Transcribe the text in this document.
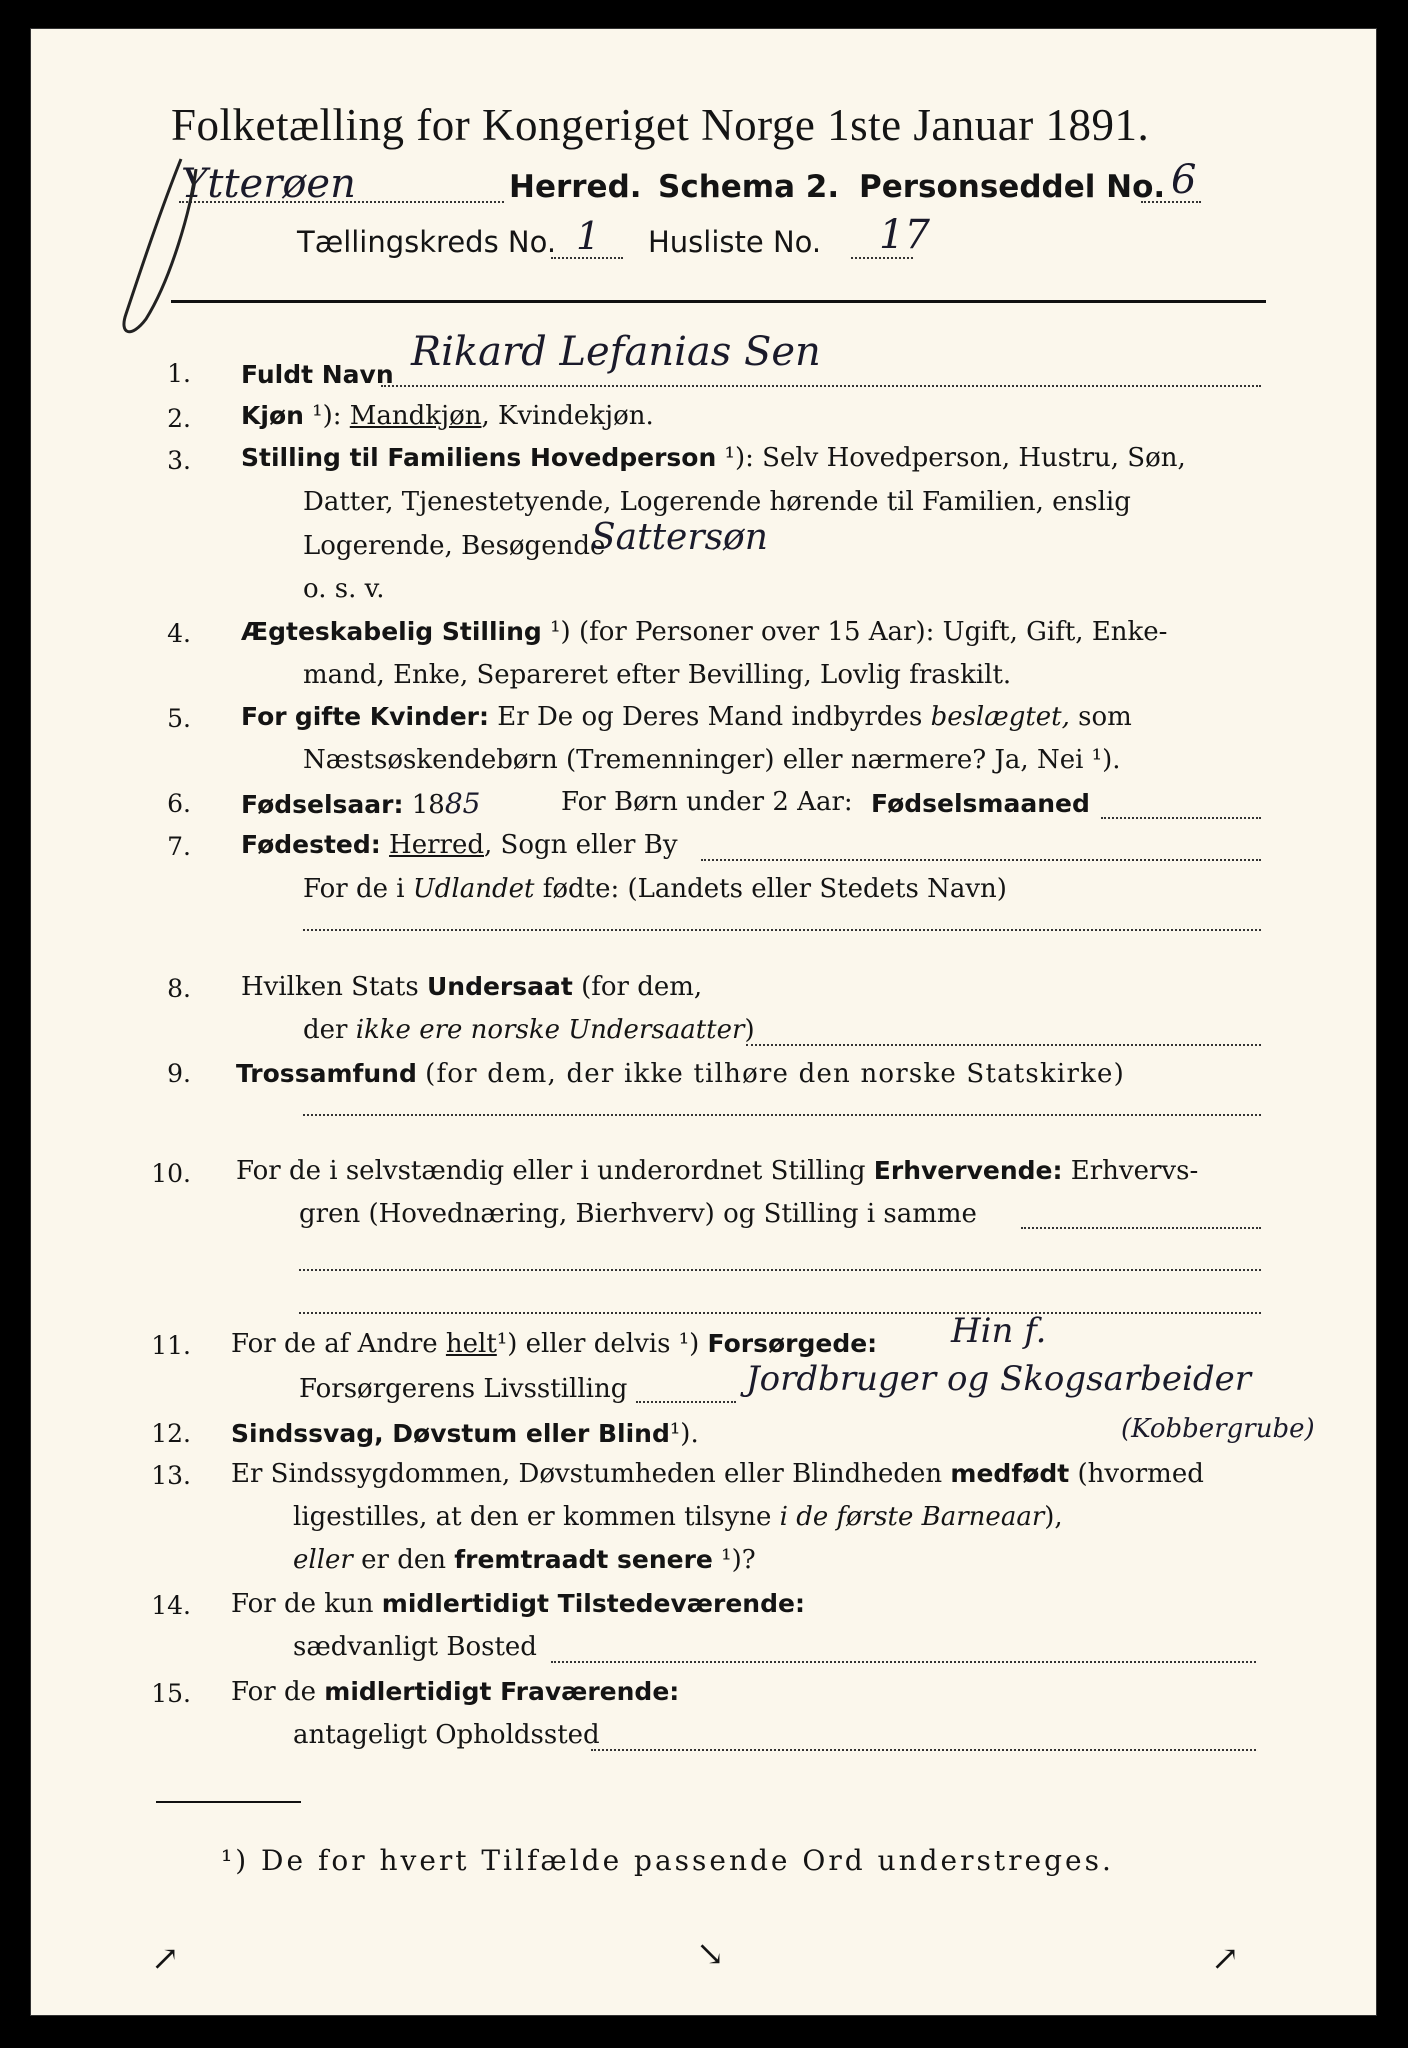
Folketælling for Kongeriget Norge 1ste Januar 1891.
Ytterøen	Herred. Schema 2. Personseddel No. 6
Tællingskreds No. 1 Husliste No. 17
1. Fuldt Navn Rikard Lefanias Sen
2. Kjøn ¹): Mandkjøn, Kvindekjøn.
3. Stilling til Familiens Hovedperson ¹): Selv Hovedperson, Hustru, Søn,
Datter, Tjenestetyende, Logerende hørende til Familien, enslig
Logerende, Besøgende
Sattersøn
o. s. v.
4. Ægteskabelig Stilling ¹) (for Personer over 15 Aar): Ugift, Gift, Enke-
mand, Enke, Separeret efter Bevilling, Lovlig fraskilt.
5. For gifte Kvinder: Er De og Deres Mand indbyrdes beslægtet, som
Næstsøskendebørn (Tremenninger) eller nærmere? Ja, Nei ¹).
6. Fødselsaar: 1885	For Børn under 2 Aar: Fødselsmaaned
7. Fødested: Herred, Sogn eller By
For de i Udlandet fødte: (Landets eller Stedets Navn)
8. Hvilken Stats Undersaat (for dem,
der ikke ere norske Undersaatter)
9. Trossamfund (for dem, der ikke tilhøre den norske Statskirke)
10. For de i selvstændig eller i underordnet Stilling Erhvervende: Erhvervs-
gren (Hovednæring, Bierhverv) og Stilling i samme
11. For de af Andre helt¹) eller delvis ¹) Forsørgede: Hin f.
Forsørgerens Livsstilling	Jordbruger og Skogsarbeider
(Kobbergrube)
12. Sindssvag, Døvstum eller Blind¹).
13. Er Sindssygdommen, Døvstumheden eller Blindheden medfødt (hvormed
ligestilles, at den er kommen tilsyne i de første Barneaar),
eller er den fremtraadt senere ¹)?
14. For de kun midlertidigt Tilstedeværende:
sædvanligt Bosted
15. For de midlertidigt Fraværende:
antageligt Opholdssted
¹) De for hvert Tilfælde passende Ord understreges.
↗	↘	↗
